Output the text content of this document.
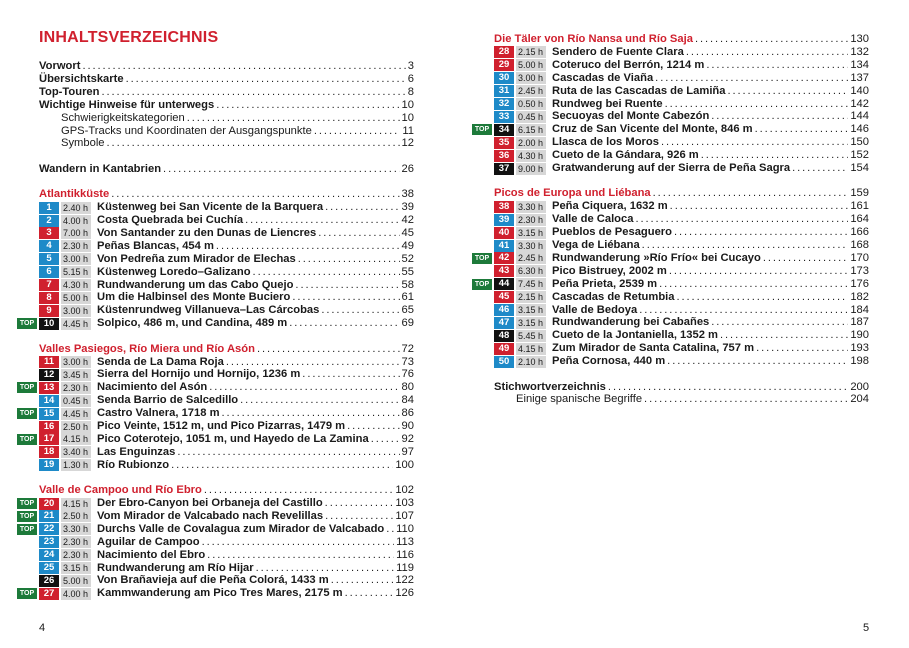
INHALTSVERZEICHNIS
Vorwort . . .	3
Übersichtskarte . . .	6
Top-Touren . . .	8
Wichtige Hinweise für unterwegs . . .	10
Schwierigkeitskategorien . . .	10
GPS-Tracks und Koordinaten der Ausgangspunkte . . .	11
Symbole . . .	12
Wandern in Kantabrien . . .	26
Atlantikküste . . .	38
1	2.40 h Küstenweg bei San Vicente de la Barquera . . .	39
2	4.00 h Costa Quebrada bei Cuchía . . .	42
3	7.00 h Von Santander zu den Dunas de Liencres . . .	45
4	2.30 h Peñas Blancas, 454 m . . .	49
5	3.00 h Von Pedreña zum Mirador de Elechas . . .	52
6	5.15 h Küstenweg Loredo–Galizano . . .	55
7	4.30 h Rundwanderung um das Cabo Quejo . . .	58
8	5.00 h Um die Halbinsel des Monte Buciero . . .	61
9	3.00 h Küstenrundweg Villanueva–Las Cárcobas . . .	65
TOP	10 4.45 h Solpico, 486 m, und Candina, 489 m . . .	69
Valles Pasiegos, Río Miera und Río Asón . . .	72
11 3.00 h Senda de La Dama Roja . . .	73
12 3.45 h Sierra del Hornijo und Hornijo, 1236 m . . .	76
TOP	13 2.30 h Nacimiento del Asón . . .	80
14 0.45 h Senda Barrio de Salcedillo . . .	84
TOP	15 4.45 h Castro Valnera, 1718 m . . .	86
16 2.50 h Pico Veinte, 1512 m, und Pico Pizarras, 1479 m . . .	90
TOP	17 4.15 h Pico Coterotejo, 1051 m, und Hayedo de La Zamina . . .	92
18 3.40 h Las Enguinzas . . .	97
19 1.30 h Río Rubionzo . . .	100
Valle de Campoo und Río Ebro . . .	102
TOP	20 4.15 h Der Ebro-Canyon bei Orbaneja del Castillo . . .	103
TOP	21 2.50 h Vom Mirador de Valcabado nach Revelillas . . .	107
TOP	22 3.30 h Durchs Valle de Covalagua zum Mirador de Valcabado . . . 110
23 2.30 h Aguilar de Campoo . . .	113
24 2.30 h Nacimiento del Ebro . . .	116
25 3.15 h Rundwanderung am Río Hijar . . .	119
26 5.00 h Von Brañavieja auf die Peña Colorá, 1433 m . . .	122
TOP	27 4.00 h Kammwanderung am Pico Tres Mares, 2175 m . . .	126
Die Täler von Río Nansa und Río Saja . . .	130
28 2.15 h Sendero de Fuente Clara . . .	132
29 5.00 h Coteruco del Berrón, 1214 m . . .	134
30 3.00 h Cascadas de Viaña . . .	137
31 2.45 h Ruta de las Cascadas de Lamiña . . .	140
32 0.50 h Rundweg bei Ruente . . .	142
33 0.45 h Secuoyas del Monte Cabezón . . .	144
TOP	34 6.15 h Cruz de San Vicente del Monte, 846 m . . .	146
35 2.00 h Llasca de los Moros . . .	150
36 4.30 h Cueto de la Gándara, 926 m . . .	152
37 9.00 h Gratwanderung auf der Sierra de Peña Sagra . . .	154
Picos de Europa und Liébana . . .	159
38 3.30 h Peña Ciquera, 1632 m . . .	161
39 2.30 h Valle de Caloca . . .	164
40 3.15 h Pueblos de Pesaguero . . .	166
41 3.30 h Vega de Liébana . . .	168
TOP	42 2.45 h Rundwanderung »Río Frío« bei Cucayo . . .	170
43 6.30 h Pico Bistruey, 2002 m . . .	173
TOP	44 7.45 h Peña Prieta, 2539 m . . .	176
45 2.15 h Cascadas de Retumbia . . .	182
46 3.15 h Valle de Bedoya . . .	184
47 3.15 h Rundwanderung bei Cabañes . . .	187
48 5.45 h Cueto de la Jontaniella, 1352 m . . .	190
49 4.15 h Zum Mirador de Santa Catalina, 757 m . . .	193
50 2.10 h Peña Cornosa, 440 m . . .	198
Stichwortverzeichnis . . .	200
Einige spanische Begriffe . . .	204
4	5
